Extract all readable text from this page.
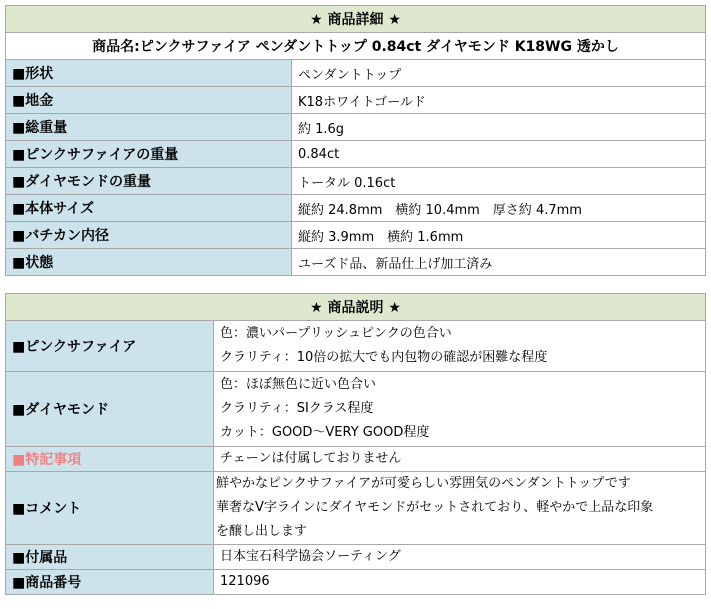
★ 商品詳細 ★	
商品名:ピンクサファイア ペンダントトップ 0.84ct ダイヤモンド K18WG 透かし	
■形状	ペンダントトップ
■地金	K18ホワイトゴールド
■総重量	約 1.6g
■ピンクサファイアの重量	0.84ct
■ダイヤモンドの重量	トータル 0.16ct
■本体サイズ	縦約 24.8mm　横約 10.4mm　厚さ約 4.7mm
■バチカン内径	縦約 3.9mm　横約 1.6mm
■状態	ユーズド品、新品仕上げ加工済み
★ 商品説明 ★	
■ピンクサファイア	色：濃いパープリッシュピンクの色合い
クラリティ：10倍の拡大でも内包物の確認が困難な程度

■ダイヤモンド	色：ほぼ無色に近い色合い
クラリティ：SIクラス程度
カット：GOOD〜VERY GOOD程度

■特記事項	チェーンは付属しておりません

■コメント	鮮やかなピンクサファイアが可愛らしい雰囲気のペンダントトップです
華奢なV字ラインにダイヤモンドがセットされており、軽やかで上品な印象
を醸し出します

■付属品	日本宝石科学協会ソーティング

■商品番号	121096
